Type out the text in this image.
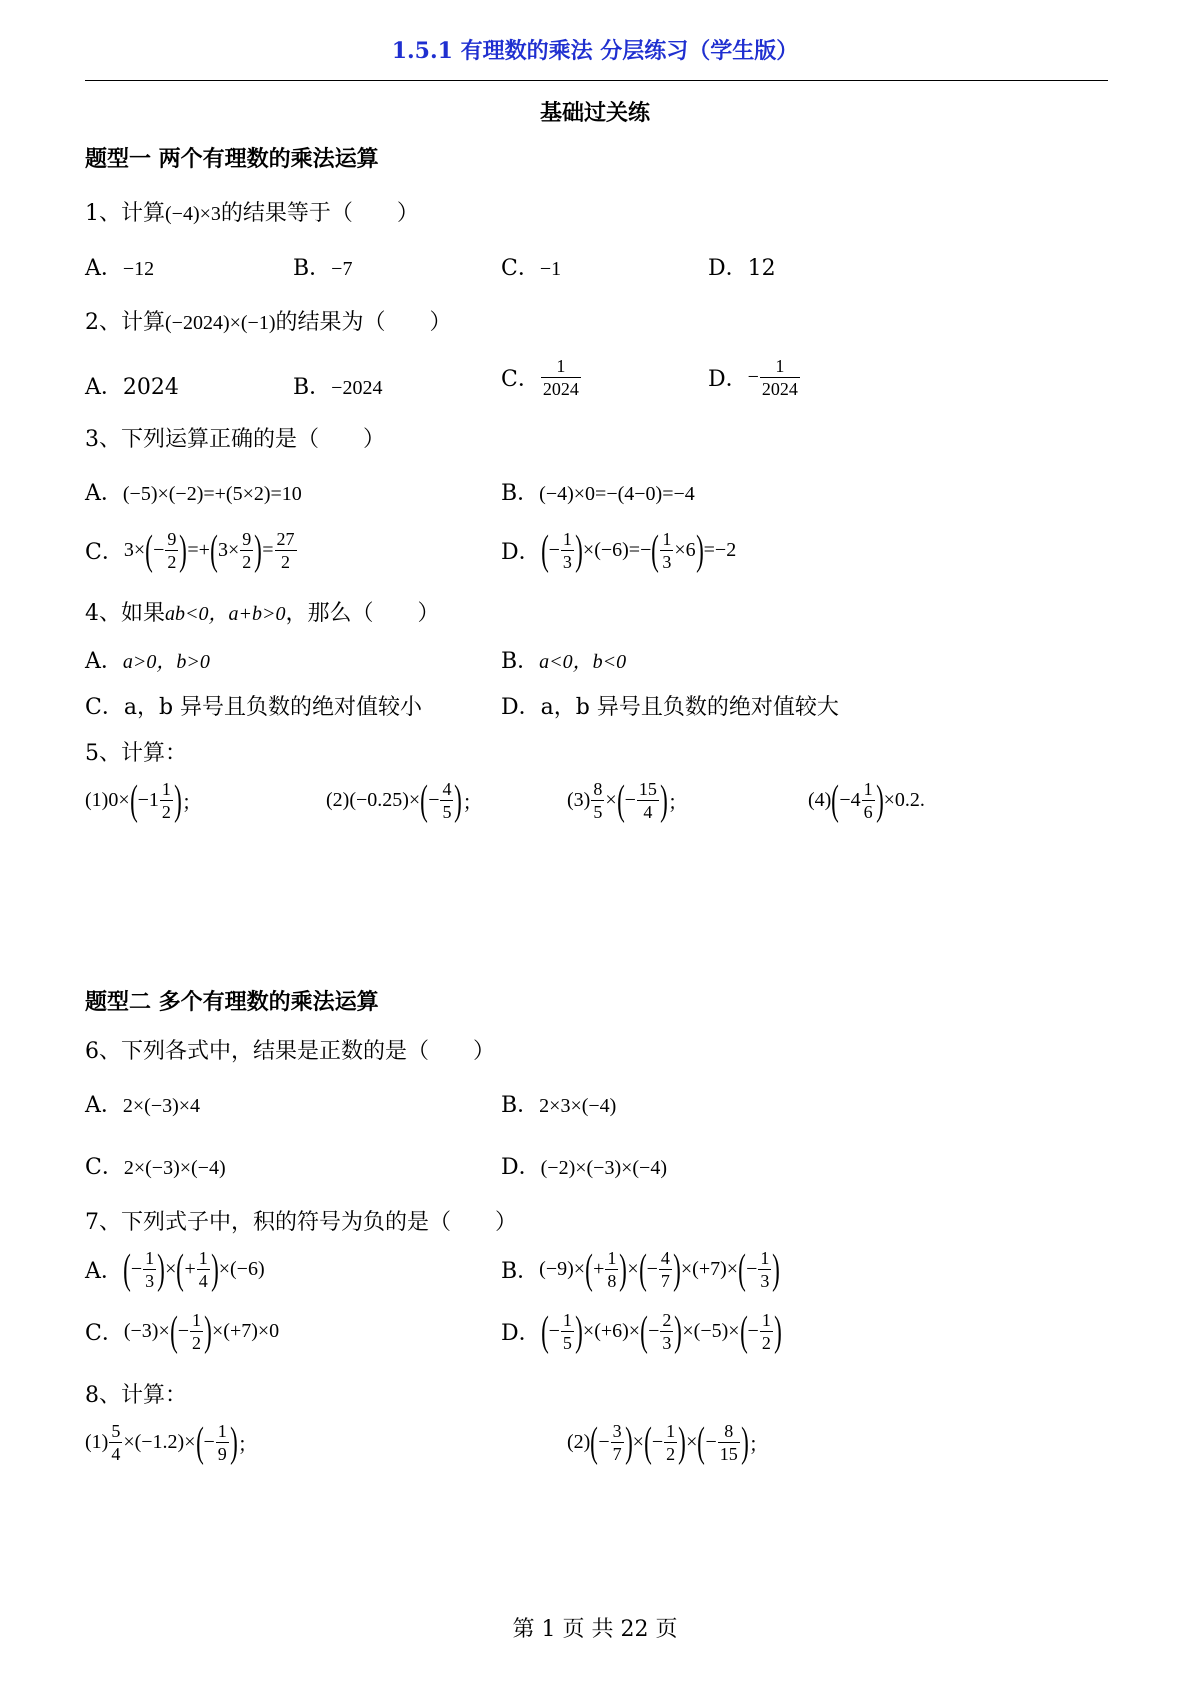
1.5.1 有理数的乘法 分层练习（学生版）
基础过关练
题型一 两个有理数的乘法运算
1、计算(−4)×3的结果等于（　　）
A．−12	B．−7	C．−1	D．12
2、计算(−2024)×(−1)的结果为（　　）
A．2024	B．−2024	C．
1
2024	D． − $\frac{1}{2024}$
3、下列运算正确的是（　　）
A．(−5)×(−2)=+(5×2)=10	B．(−4)×0=−(4−0)=−4
C． 3× ( − $\frac{9}{2}$ ) =+ ( $3\times \frac{9}{2}$ ) = $\frac{27}{2}$	D． ( − $\frac{1}{3}$ ) ×(−6)=− ( $\frac{1}{3} \times 6$ ) =−2
4、如果ab<0，a+b>0，那么（　　）
A．a>0，b>0	B．a<0，b<0
C．a，b 异号且负数的绝对值较小	D．a，b 异号且负数的绝对值较大
5、计算：
(1)0× ( −1 1
2 ) ；	(2)(−0.25)× ( − $\frac{4}{5}$ ) ；	$(3) \frac{8}{5}$ × ( − $\frac{15}{4}$ ) ；	(4) ( −4 1
6 ) ×0.2 .
题型二 多个有理数的乘法运算
6、下列各式中，结果是正数的是（　　）
A．2×(−3)×4	B．2×3×(−4)
C．2×(−3)×(−4)	D．(−2)×(−3)×(−4)
7、下列式子中，积的符号为负的是（　　）
A． ( − $\frac{1}{3}$ ) × ( + $\frac{1}{4}$ ) ×(−6)	B． (−9)× ( + $\frac{1}{8}$ ) × ( − $\frac{4}{7}$ ) ×(+7)× ( − $\frac{1}{3}$ )
C． (−3)× ( − $\frac{1}{2}$ ) ×(+7)×0	D． ( − $\frac{1}{5}$ ) ×(+6)× ( − $\frac{2}{3}$ ) ×(−5)× ( − $\frac{1}{2}$ )
8、计算：
$(1) \frac{5}{4} \times(-1.2)\times$ ( − $\frac{1}{9}$ ) ；	(2) ( − $\frac{3}{7}$ ) × ( − $\frac{1}{2}$ ) × ( − $\frac{8}{15}$ ) ；
第 1 页 共 22 页
